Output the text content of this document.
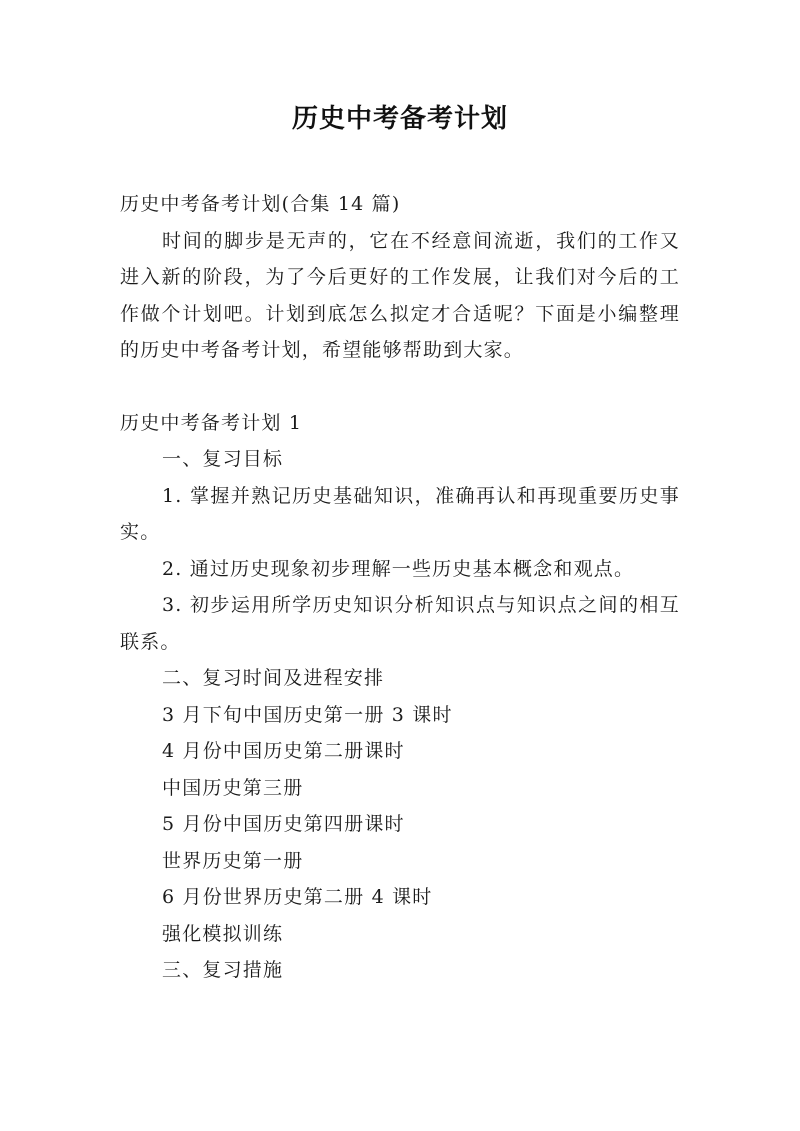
历史中考备考计划

历史中考备考计划(合集 14 篇)

时间的脚步是无声的，它在不经意间流逝，我们的工作又进入新的阶段，为了今后更好的工作发展，让我们对今后的工作做个计划吧。计划到底怎么拟定才合适呢？下面是小编整理的历史中考备考计划，希望能够帮助到大家。

历史中考备考计划 1

一、复习目标

1. 掌握并熟记历史基础知识，准确再认和再现重要历史事实。

2. 通过历史现象初步理解一些历史基本概念和观点。

3. 初步运用所学历史知识分析知识点与知识点之间的相互联系。

二、复习时间及进程安排

3 月下旬中国历史第一册 3 课时

4 月份中国历史第二册课时

中国历史第三册

5 月份中国历史第四册课时

世界历史第一册

6 月份世界历史第二册 4 课时

强化模拟训练

三、复习措施
